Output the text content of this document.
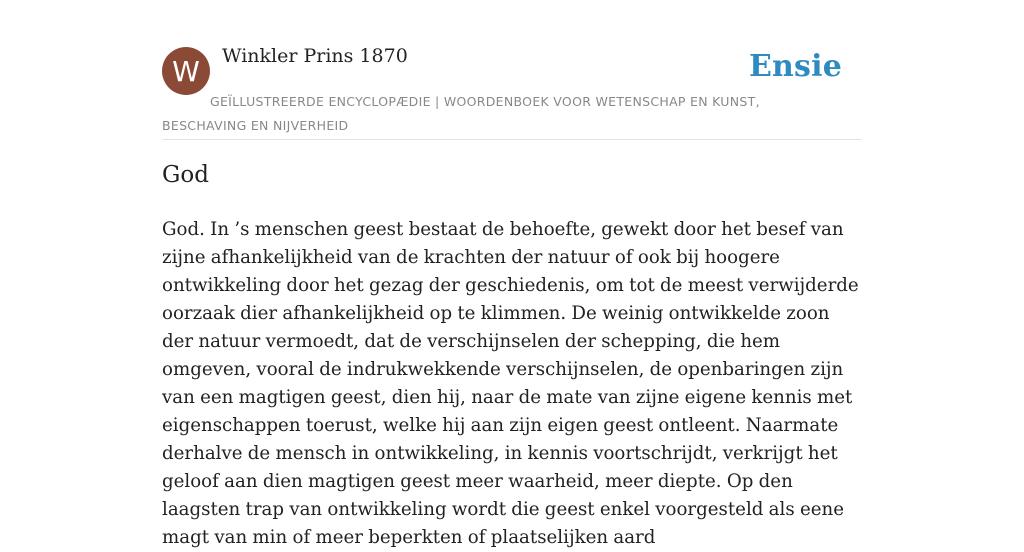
W Winkler Prins 1870	Ensie
GEÏLLUSTREERDE ENCYCLOPÆDIE | WOORDENBOEK VOOR WETENSCHAP EN KUNST, BESCHAVING EN NIJVERHEID
God

God. In ’s menschen geest bestaat de behoefte, gewekt door het besef van zijne afhankelijkheid van de krachten der natuur of ook bij hoogere ontwikkeling door het gezag der geschiedenis, om tot de meest verwijderde oorzaak dier afhankelijkheid op te klimmen. De weinig ontwikkelde zoon der natuur vermoedt, dat de verschijnselen der schepping, die hem omgeven, vooral de indrukwekkende verschijnselen, de openbaringen zijn van een magtigen geest, dien hij, naar de mate van zijne eigene kennis met eigenschappen toerust, welke hij aan zijn eigen geest ontleent. Naarmate derhalve de mensch in ontwikkeling, in kennis voortschrijdt, verkrijgt het geloof aan dien magtigen geest meer waarheid, meer diepte. Op den laagsten trap van ontwikkeling wordt die geest enkel voorgesteld als eene magt van min of meer beperkten of plaatselijken aard
